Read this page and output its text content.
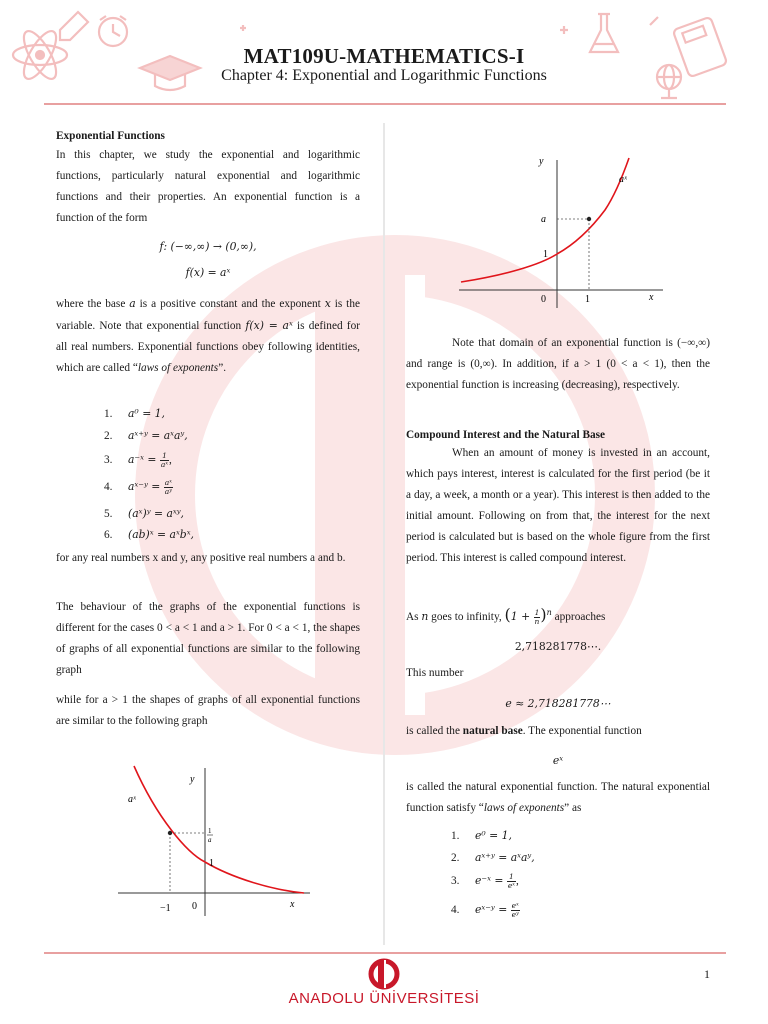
MAT109U-MATHEMATICS-I
Chapter 4: Exponential and Logarithmic Functions
Exponential Functions
In this chapter, we study the exponential and logarithmic functions, particularly natural exponential and logarithmic functions and their properties. An exponential function is a function of the form
f: (−∞,∞) → (0,∞),
f(x) = aˣ
where the base a is a positive constant and the exponent x is the variable. Note that exponential function f(x) = aˣ is defined for all real numbers. Exponential functions obey following identities, which are called “laws of exponents”.
1. a⁰ = 1,
2. aˣ⁺ʸ = aˣaʸ,
3. a⁻ˣ = $\frac{1}{\text{aˣ}}$ ,
4. aˣ⁻ʸ = $\frac{\text{aˣ}}{\text{aʸ}}$
5. (aˣ)ʸ = aˣʸ,
6. (ab)ˣ = aˣbˣ,
for any real numbers x and y, any positive real numbers a and b.
The behaviour of the graphs of the exponential functions is different for the cases 0 < a < 1 and a > 1. For 0 < a < 1, the shapes of graphs of all exponential functions are similar to the following graph
while for a > 1 the shapes of graphs of all exponential functions are similar to the following graph
aˣ
y
x
1
1
a
−1 0
aˣ
y
x
a
1
1
0
Note that domain of an exponential function is (−∞,∞) and range is (0,∞). In addition, if a > 1 (0 < a < 1), then the exponential function is increasing (decreasing), respectively.
Compound Interest and the Natural Base
When an amount of money is invested in an account, which pays interest, interest is calculated for the first period (be it a day, a week, a month or a year). This interest is then added to the initial amount. Following on from that, the interest for the next period is calculated but is based on the whole figure from the first period. This interest is called compound interest.
As n goes to infinity, $(1 + \frac{1}{n} )^n$ approaches
2,718281778⋯.
This number
e ≈ 2,718281778⋯
is called the natural base. The exponential function
eˣ
is called the natural exponential function. The natural exponential function satisfy “laws of exponents” as
1. e⁰ = 1,
2. aˣ⁺ʸ = aˣaʸ,
3. e⁻ˣ = $\frac{1}{\text{eˣ}}$ ,
4. eˣ⁻ʸ = $\frac{\text{eˣ}}{\text{eʸ}}$
1
ANADOLU ÜNİVERSİTESİ
